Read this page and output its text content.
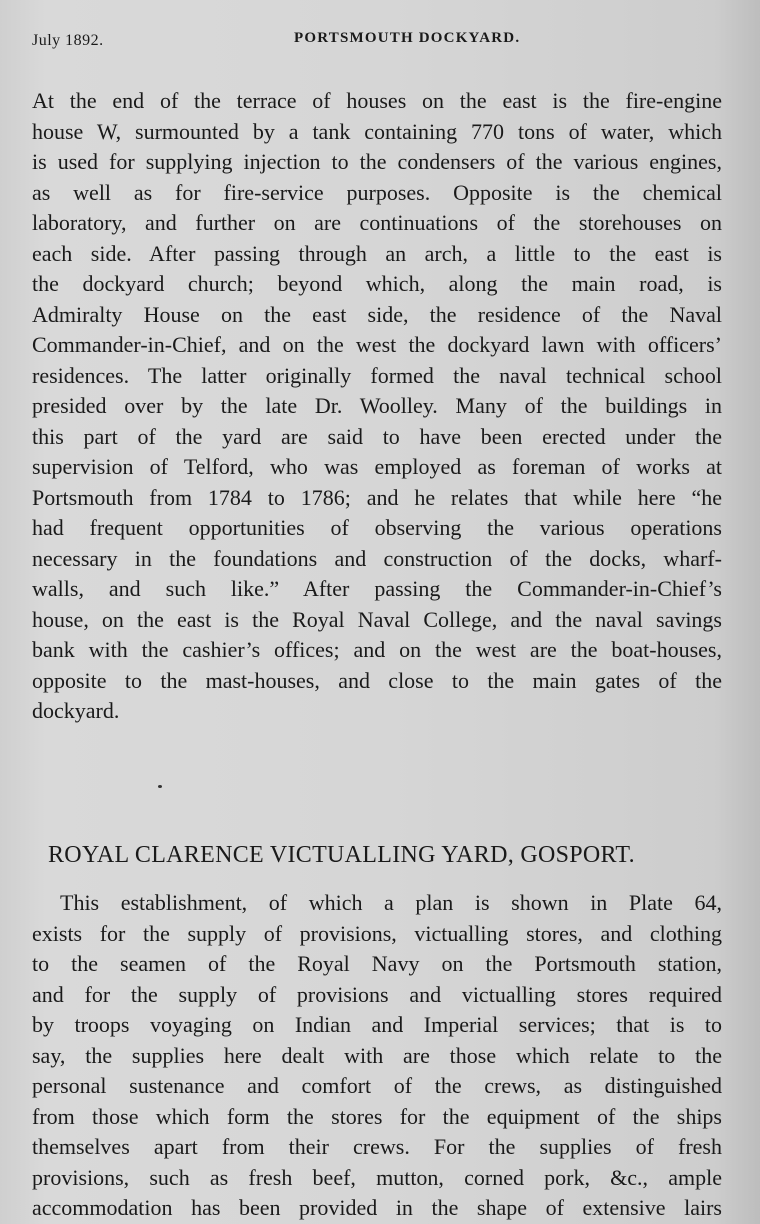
July 1892.	PORTSMOUTH DOCKYARD.
At the end of the terrace of houses on the east is the fire-engine
house W, surmounted by a tank containing 770 tons of water, which
is used for supplying injection to the condensers of the various engines,
as well as for fire-service purposes. Opposite is the chemical
laboratory, and further on are continuations of the storehouses on
each side. After passing through an arch, a little to the east is
the dockyard church; beyond which, along the main road, is
Admiralty House on the east side, the residence of the Naval
Commander-in-Chief, and on the west the dockyard lawn with officers’
residences. The latter originally formed the naval technical school
presided over by the late Dr. Woolley. Many of the buildings in
this part of the yard are said to have been erected under the
supervision of Telford, who was employed as foreman of works at
Portsmouth from 1784 to 1786; and he relates that while here “he
had frequent opportunities of observing the various operations
necessary in the foundations and construction of the docks, wharf-
walls, and such like.” After passing the Commander-in-Chief’s
house, on the east is the Royal Naval College, and the naval savings
bank with the cashier’s offices; and on the west are the boat-houses,
opposite to the mast-houses, and close to the main gates of the
dockyard.
ROYAL CLARENCE VICTUALLING YARD, GOSPORT.
This establishment, of which a plan is shown in Plate 64,
exists for the supply of provisions, victualling stores, and clothing
to the seamen of the Royal Navy on the Portsmouth station,
and for the supply of provisions and victualling stores required
by troops voyaging on Indian and Imperial services; that is to
say, the supplies here dealt with are those which relate to the
personal sustenance and comfort of the crews, as distinguished
from those which form the stores for the equipment of the ships
themselves apart from their crews. For the supplies of fresh
provisions, such as fresh beef, mutton, corned pork, &c., ample
accommodation has been provided in the shape of extensive lairs
